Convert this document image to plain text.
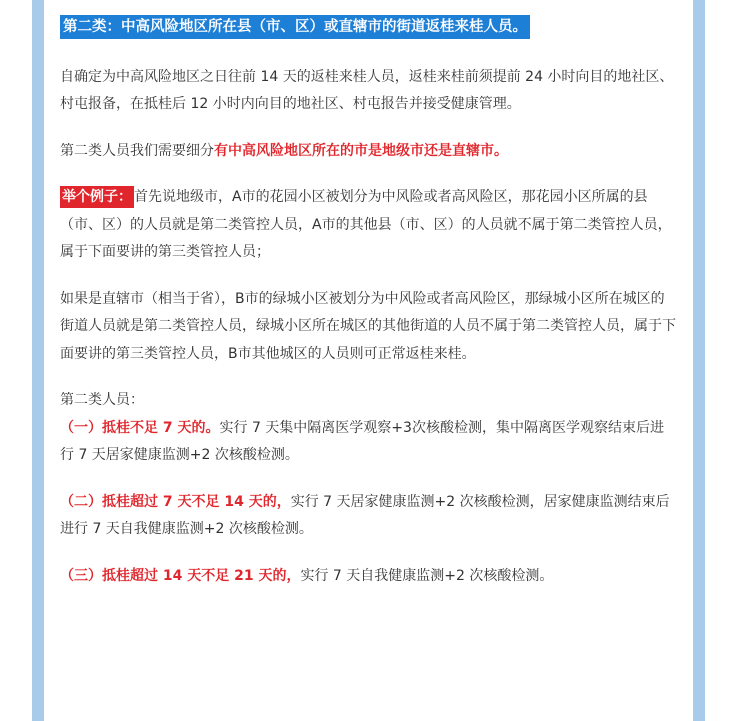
第二类：中高风险地区所在县（市、区）或直辖市的街道返桂来桂人员。

自确定为中高风险地区之日往前 14 天的返桂来桂人员，返桂来桂前须提前 24 小时向目的地社区、村屯报备，在抵桂后 12 小时内向目的地社区、村屯报告并接受健康管理。

第二类人员我们需要细分有中高风险地区所在的市是地级市还是直辖市。

举个例子： 首先说地级市，A市的花园小区被划分为中风险或者高风险区，那花园小区所属的县（市、区）的人员就是第二类管控人员，A市的其他县（市、区）的人员就不属于第二类管控人员，属于下面要讲的第三类管控人员；

如果是直辖市（相当于省），B市的绿城小区被划分为中风险或者高风险区，那绿城小区所在城区的街道人员就是第二类管控人员，绿城小区所在城区的其他街道的人员不属于第二类管控人员，属于下面要讲的第三类管控人员，B市其他城区的人员则可正常返桂来桂。

第二类人员：

（一）抵桂不足 7 天的。实行 7 天集中隔离医学观察+3次核酸检测，集中隔离医学观察结束后进行 7 天居家健康监测+2 次核酸检测。

（二）抵桂超过 7 天不足 14 天的，实行 7 天居家健康监测+2 次核酸检测，居家健康监测结束后进行 7 天自我健康监测+2 次核酸检测。

（三）抵桂超过 14 天不足 21 天的，实行 7 天自我健康监测+2 次核酸检测。
